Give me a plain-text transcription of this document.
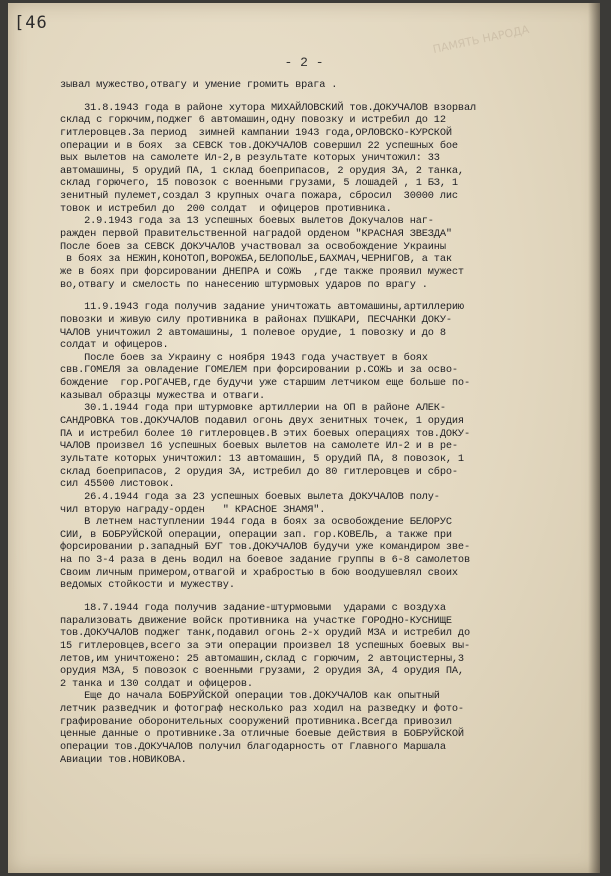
[46	ПАМЯТЬ НАРОДА
- 2 -
зывал мужество,отвагу и умение громить врага .
31.8.1943 года в районе хутора МИХАЙЛОВСКИЙ тов.ДОКУЧАЛОВ взорвал
склад с горючим,поджег 6 автомашин,одну повозку и истребил до 12
гитлеровцев.За период  зимней кампании 1943 года,ОРЛОВСКО-КУРСКОЙ
операции и в боях  за СЕВСК тов.ДОКУЧАЛОВ совершил 22 успешных бое
вых вылетов на самолете Ил-2,в результате которых уничтожил: 33
автомашины, 5 орудий ПА, 1 склад боеприпасов, 2 орудия ЗА, 2 танка,
склад горючего, 15 повозок с военными грузами, 5 лошадей , 1 БЗ, 1
зенитный пулемет,создал 3 крупных очага пожара, сбросил  30000 лис
товок и истребил до  200 солдат  и офицеров противника.
2.9.1943 года за 13 успешных боевых вылетов Докучалов наг-
ражден первой Правительственной наградой орденом "КРАСНАЯ ЗВЕЗДА"
После боев за СЕВСК ДОКУЧАЛОВ участвовал за освобождение Украины
в боях за НЕЖИН,КОНОТОП,ВОРОЖБА,БЕЛОПОЛЬЕ,БАХМАЧ,ЧЕРНИГОВ, а так
же в боях при форсировании ДНЕПРА и СОЖЬ  ,где также проявил мужест
во,отвагу и смелость по нанесению штурмовых ударов по врагу .
11.9.1943 года получив задание уничтожать автомашины,артиллерию
повозки и живую силу противника в районах ПУШКАРИ, ПЕСЧАНКИ ДОКУ-
ЧАЛОВ уничтожил 2 автомашины, 1 полевое орудие, 1 повозку и до 8
солдат и офицеров.
После боев за Украину с ноября 1943 года участвует в боях
свв.ГОМЕЛЯ за овладение ГОМЕЛЕМ при форсировании р.СОЖЬ и за осво-
бождение  гор.РОГАЧЕВ,где будучи уже старшим летчиком еще больше по-
казывал образцы мужества и отваги.
30.1.1944 года при штурмовке артиллерии на ОП в районе АЛЕК-
САНДРОВКА тов.ДОКУЧАЛОВ подавил огонь двух зенитных точек, 1 орудия
ПА и истребил более 10 гитлеровцев.В этих боевых операциях тов.ДОКУ-
ЧАЛОВ произвел 16 успешных боевых вылетов на самолете Ил-2 и в ре-
зультате которых уничтожил: 13 автомашин, 5 орудий ПА, 8 повозок, 1
склад боеприпасов, 2 орудия ЗА, истребил до 80 гитлеровцев и сбро-
сил 45500 листовок.
26.4.1944 года за 23 успешных боевых вылета ДОКУЧАЛОВ полу-
чил вторую награду-орден   " КРАСНОЕ ЗНАМЯ".
В летнем наступлении 1944 года в боях за освобождение БЕЛОРУС
СИИ, в БОБРУЙСКОЙ операции, операции зап. гор.КОВЕЛЬ, а также при
форсировании р.западный БУГ тов.ДОКУЧАЛОВ будучи уже командиром зве-
на по 3-4 раза в день водил на боевое задание группы в 6-8 самолетов
Своим личным примером,отвагой и храбростью в бою воодушевлял своих
ведомых стойкости и мужеству.
18.7.1944 года получив задание-штурмовыми  ударами с воздуха
парализовать движение войск противника на участке ГОРОДНО-КУСНИЩЕ
тов.ДОКУЧАЛОВ поджег танк,подавил огонь 2-х орудий МЗА и истребил до
15 гитлеровцев,всего за эти операции произвел 18 успешных боевых вы-
летов,им уничтожено: 25 автомашин,склад с горючим, 2 автоцистерны,3
орудия МЗА, 5 повозок с военными грузами, 2 орудия ЗА, 4 орудия ПА,
2 танка и 130 солдат и офицеров.
Еще до начала БОБРУЙСКОЙ операции тов.ДОКУЧАЛОВ как опытный
летчик разведчик и фотограф несколько раз ходил на разведку и фото-
графирование оборонительных сооружений противника.Всегда привозил
ценные данные о противнике.За отличные боевые действия в БОБРУЙСКОЙ
операции тов.ДОКУЧАЛОВ получил благодарность от Главного Маршала
Авиации тов.НОВИКОВА.
